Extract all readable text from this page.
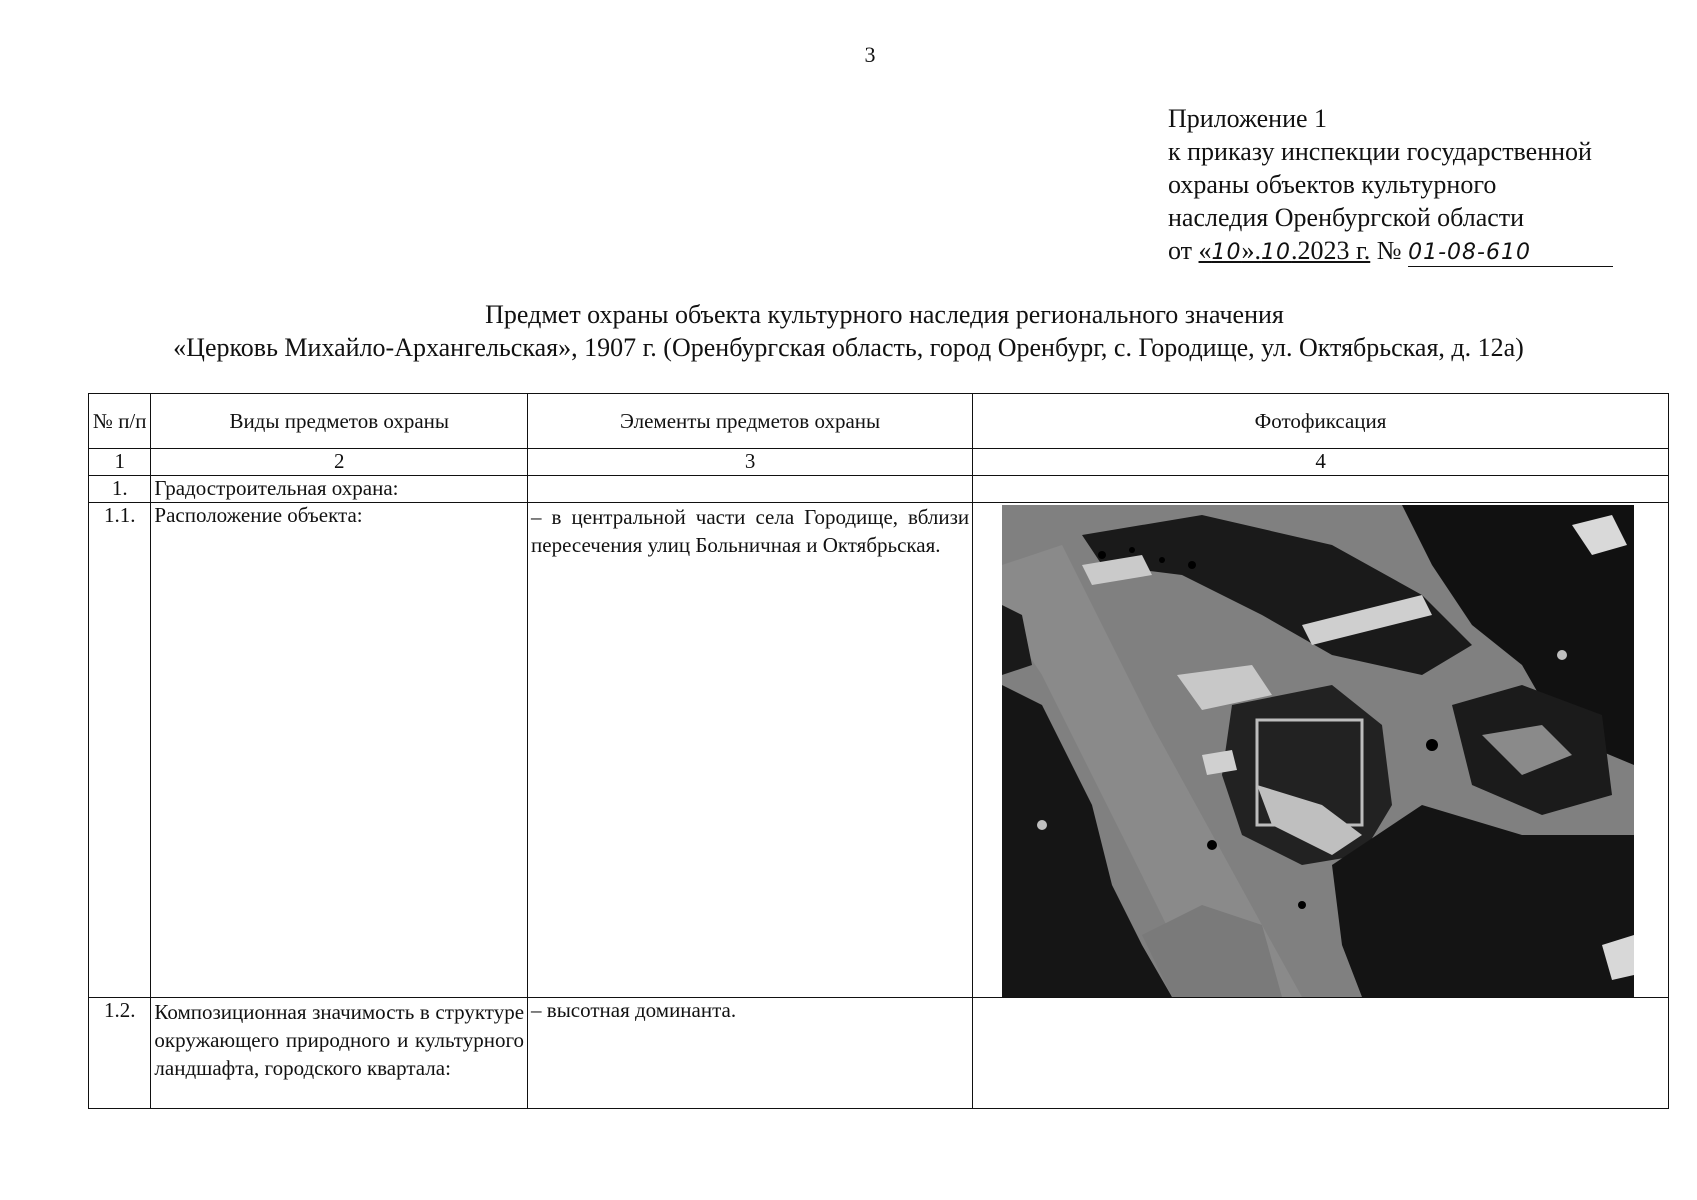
3
Приложение 1
к приказу инспекции государственной
охраны объектов культурного
наследия Оренбургской области
от «10».10.2023 г. № 01-08-610
Предмет охраны объекта культурного наследия регионального значения
«Церковь Михайло-Архангельская», 1907 г. (Оренбургская область, город Оренбург, с. Городище, ул. Октябрьская, д. 12а)
№ п/п	Виды предметов охраны	Элементы предметов охраны	Фотофиксация
1	2	3	4
1.	Градостроительная охрана:		
1.1.	Расположение объекта:	– в центральной части села Городище, вблизи пересечения улиц Больничная и Октябрьская.	

1.2.	Композиционная значимость в структуре окружающего природного и культурного ландшафта, городского квартала:	– высотная доминанта.	
